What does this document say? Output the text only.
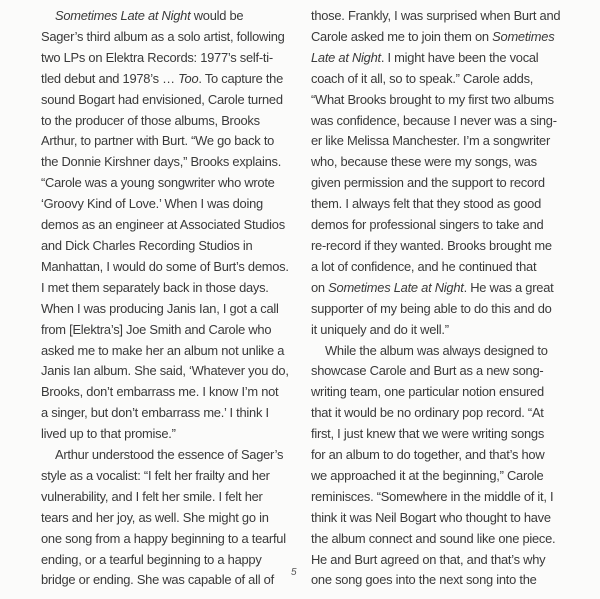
Sometimes Late at Night would be
Sager’s third album as a solo artist, following
two LPs on Elektra Records: 1977’s self-ti-
tled debut and 1978’s … Too. To capture the
sound Bogart had envisioned, Carole turned
to the producer of those albums, Brooks
Arthur, to partner with Burt. “We go back to
the Donnie Kirshner days,” Brooks explains.
“Carole was a young songwriter who wrote
‘Groovy Kind of Love.’ When I was doing
demos as an engineer at Associated Studios
and Dick Charles Recording Studios in
Manhattan, I would do some of Burt’s demos.
I met them separately back in those days.
When I was producing Janis Ian, I got a call
from [Elektra’s] Joe Smith and Carole who
asked me to make her an album not unlike a
Janis Ian album. She said, ‘Whatever you do,
Brooks, don’t embarrass me. I know I’m not
a singer, but don’t embarrass me.’ I think I
lived up to that promise.”
Arthur understood the essence of Sager’s
style as a vocalist: “I felt her frailty and her
vulnerability, and I felt her smile. I felt her
tears and her joy, as well. She might go in
one song from a happy beginning to a tearful
ending, or a tearful beginning to a happy
bridge or ending. She was capable of all of
those. Frankly, I was surprised when Burt and
Carole asked me to join them on Sometimes
Late at Night. I might have been the vocal
coach of it all, so to speak.” Carole adds,
“What Brooks brought to my first two albums
was confidence, because I never was a sing-
er like Melissa Manchester. I’m a songwriter
who, because these were my songs, was
given permission and the support to record
them. I always felt that they stood as good
demos for professional singers to take and
re-record if they wanted. Brooks brought me
a lot of confidence, and he continued that
on Sometimes Late at Night. He was a great
supporter of my being able to do this and do
it uniquely and do it well.”
While the album was always designed to
showcase Carole and Burt as a new song-
writing team, one particular notion ensured
that it would be no ordinary pop record. “At
first, I just knew that we were writing songs
for an album to do together, and that’s how
we approached it at the beginning,” Carole
reminisces. “Somewhere in the middle of it, I
think it was Neil Bogart who thought to have
the album connect and sound like one piece.
He and Burt agreed on that, and that’s why
one song goes into the next song into the
5
